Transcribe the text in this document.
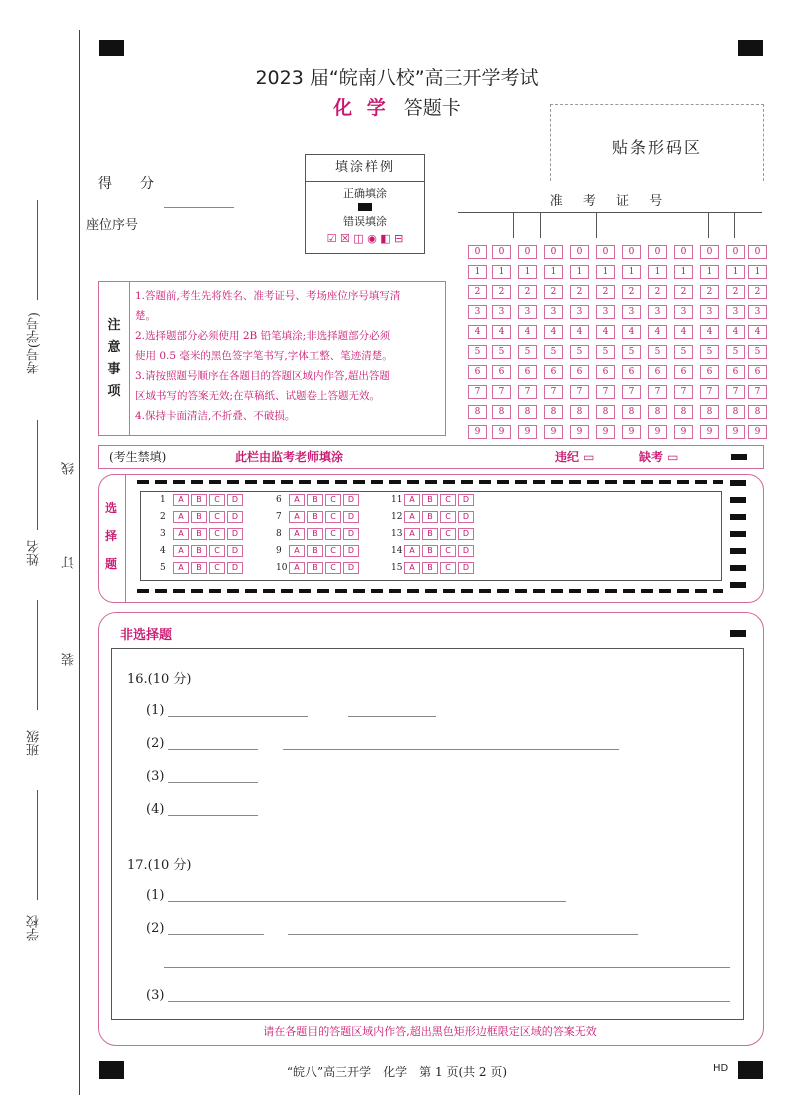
考号(学号)
姓名
班级
学校
线
订
装
2023 届“皖南八校”高三开学考试
化 学 答题卡
贴条形码区
得　　分
座位序号
填涂样例
正确填涂
错误填涂
☑ ☒ ◫ ◉ ◧ ⊟
注
意
事
项
1.答题前,考生先将姓名、准考证号、考场座位序号填写清
楚。
2.选择题部分必须使用 2B 铅笔填涂;非选择题部分必须
使用 0.5 毫米的黑色签字笔书写,字体工整、笔迹清楚。
3.请按照题号顺序在各题目的答题区域内作答,超出答题
区域书写的答案无效;在草稿纸、试题卷上答题无效。
4.保持卡面清洁,不折叠、不破损。
准 考 证 号
0	0	0	0	0	0	0	0	0	0	0	0
1	1	1	1	1	1	1	1	1	1	1	1
2	2	2	2	2	2	2	2	2	2	2	2
3	3	3	3	3	3	3	3	3	3	3	3
4	4	4	4	4	4	4	4	4	4	4	4
5	5	5	5	5	5	5	5	5	5	5	5
6	6	6	6	6	6	6	6	6	6	6	6
7	7	7	7	7	7	7	7	7	7	7	7
8	8	8	8	8	8	8	8	8	8	8	8
9	9	9	9	9	9	9	9	9	9	9	9
(考生禁填)	此栏由监考老师填涂	违纪 ▭	缺考 ▭
选
择
题
1 A B C D
2 A B C D
3 A B C D
4 A B C D
5 A B C D
6 A B C D
7 A B C D
8 A B C D
9 A B C D
10 A B C D
11 A B C D
12 A B C D
13 A B C D
14 A B C D
15 A B C D
非选择题
16.(10 分)
(1)
(2)
(3)
(4)
17.(10 分)
(1)
(2)
(3)
请在各题目的答题区域内作答,超出黑色矩形边框限定区域的答案无效
“皖八”高三开学　化学　第 1 页(共 2 页)	HD
